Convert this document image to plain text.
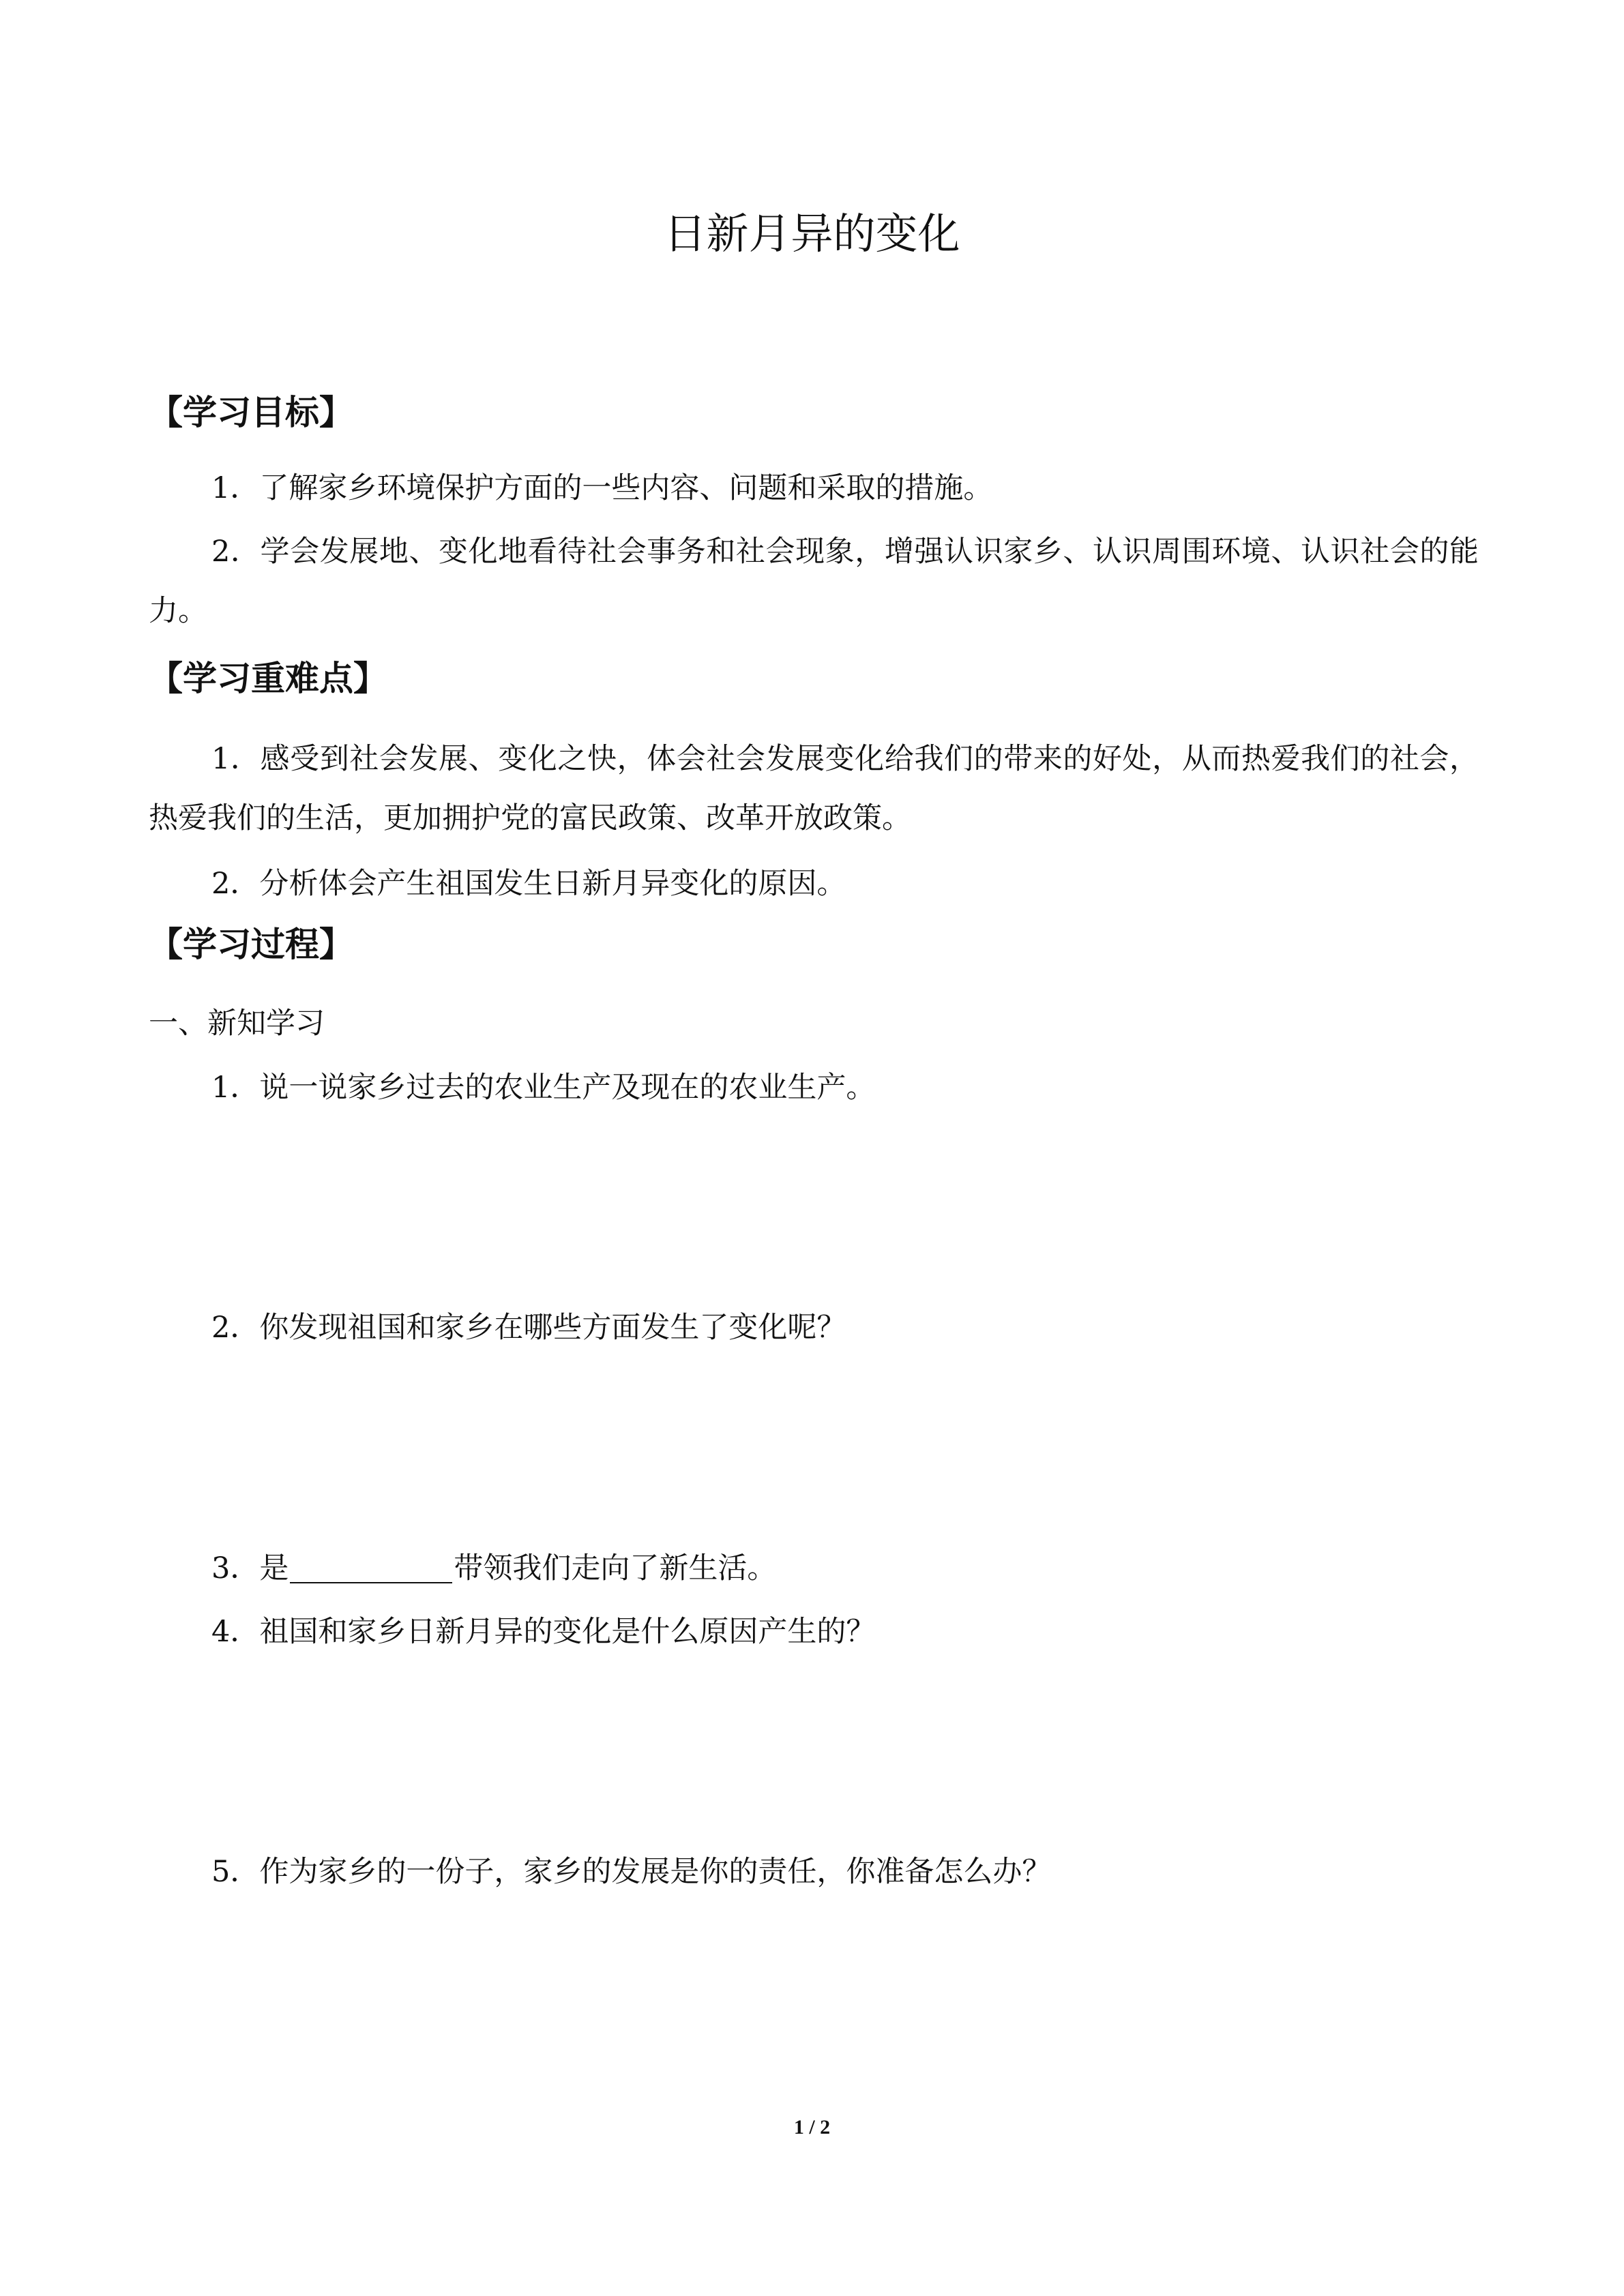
日新月异的变化
【学习目标】

1．了解家乡环境保护方面的一些内容、问题和采取的措施。

2．学会发展地、变化地看待社会事务和社会现象，增强认识家乡、认识周围环境、认识社会的能力。

【学习重难点】

1．感受到社会发展、变化之快，体会社会发展变化给我们的带来的好处，从而热爱我们的社会，热爱我们的生活，更加拥护党的富民政策、改革开放政策。

2．分析体会产生祖国发生日新月异变化的原因。

【学习过程】

一、新知学习

1．说一说家乡过去的农业生产及现在的农业生产。

2．你发现祖国和家乡在哪些方面发生了变化呢？

3．是	带领我们走向了新生活。

4．祖国和家乡日新月异的变化是什么原因产生的？

5．作为家乡的一份子，家乡的发展是你的责任，你准备怎么办？

1 / 2
